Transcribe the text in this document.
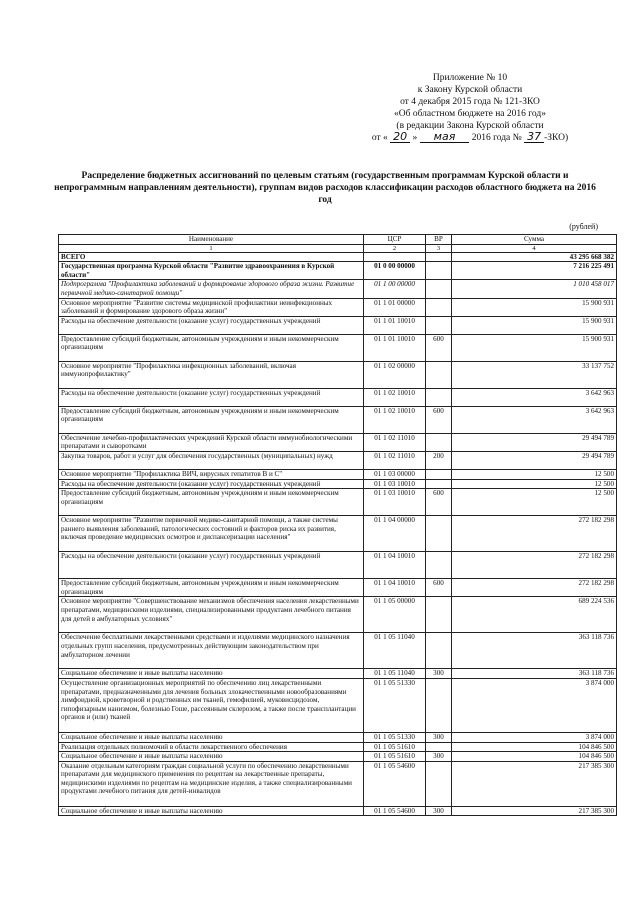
Приложение № 10
к Закону Курской области
от 4 декабря 2015 года № 121-ЗКО
«Об областном бюджете на 2016 год»
(в редакции Закона Курской области
от « 20 » мая 2016 года № 37 -ЗКО)
Распределение бюджетных ассигнований по целевым статьям (государственным программам Курской области и непрограммным направлениям деятельности), группам видов расходов классификации расходов областного бюджета на 2016 год
(рублей)
Наименование	ЦСР	ВР	Сумма
1	2	3	4
ВСЕГО			43 295 668 382
Государственная программа Курской области "Развитие здравоохранения в Курской области"	01 0 00 00000		7 216 225 491
Подпрограмма "Профилактика заболеваний и формирование здорового образа жизни. Развитие первичной медико-санитарной помощи"	01 1 00 00000		1 010 458 017
Основное мероприятие "Развитие системы медицинской профилактики неинфекционных заболеваний и формирование здорового образа жизни"	01 1 01 00000		15 900 931
Расходы на обеспечение деятельности (оказание услуг) государственных учреждений	01 1 01 10010		15 900 931
Предоставление субсидий бюджетным, автономным учреждениям и иным некоммерческим организациям	01 1 01 10010	600	15 900 931
Основное мероприятие "Профилактика инфекционных заболеваний, включая иммунопрофилактику"	01 1 02 00000		33 137 752
Расходы на обеспечение деятельности (оказание услуг) государственных учреждений	01 1 02 10010		3 642 963
Предоставление субсидий бюджетным, автономным учреждениям и иным некоммерческим организациям	01 1 02 10010	600	3 642 963
Обеспечение лечебно-профилактических учреждений Курской области иммунобиологическими препаратами и сыворотками	01 1 02 11010		29 494 789
Закупка товаров, работ и услуг для обеспечения государственных (муниципальных) нужд	01 1 02 11010	200	29 494 789
Основное мероприятие "Профилактика ВИЧ, вирусных гепатитов В и С"	01 1 03 00000		12 500
Расходы на обеспечение деятельности (оказание услуг) государственных учреждений	01 1 03 10010		12 500
Предоставление субсидий бюджетным, автономным учреждениям и иным некоммерческим организациям	01 1 03 10010	600	12 500
Основное мероприятие "Развитие первичной медико-санитарной помощи, а также системы раннего выявления заболеваний, патологических состояний и факторов риска их развития, включая проведение медицинских осмотров и диспансеризации населения"	01 1 04 00000		272 182 298
Расходы на обеспечение деятельности (оказание услуг) государственных учреждений	01 1 04 10010		272 182 298
Предоставление субсидий бюджетным, автономным учреждениям и иным некоммерческим организациям	01 1 04 10010	600	272 182 298
Основное мероприятие "Совершенствование механизмов обеспечения населения лекарственными препаратами, медицинскими изделиями, специализированными продуктами лечебного питания для детей в амбулаторных условиях"	01 1 05 00000		689 224 536
Обеспечение бесплатными лекарственными средствами и изделиями медицинского назначения отдельных групп населения, предусмотренных действующим законодательством при амбулаторном лечении	01 1 05 11040		363 118 736
Социальное обеспечение и иные выплаты населению	01 1 05 11040	300	363 118 736
Осуществление организационных мероприятий по обеспечению лиц лекарственными препаратами, предназначенными для лечения больных злокачественными новообразованиями лимфоидной, кроветворной и родственных им тканей, гемофилией, муковисцидозом, гипофизарным нанизмом, болезнью Гоше, рассеянным склерозом, а также после трансплантации органов и (или) тканей	01 1 05 51330		3 874 000
Социальное обеспечение и иные выплаты населению	01 1 05 51330	300	3 874 000
Реализация отдельных полномочий в области лекарственного обеспечения	01 1 05 51610		104 846 500
Социальное обеспечение и иные выплаты населению	01 1 05 51610	300	104 846 500
Оказание отдельным категориям граждан социальной услуги по обеспечению лекарственными препаратами для медицинского применения по рецептам на лекарственные препараты, медицинскими изделиями по рецептам на медицинские изделия, а также специализированными продуктами лечебного питания для детей-инвалидов	01 1 05 54600		217 385 300
Социальное обеспечение и иные выплаты населению	01 1 05 54600	300	217 385 300
